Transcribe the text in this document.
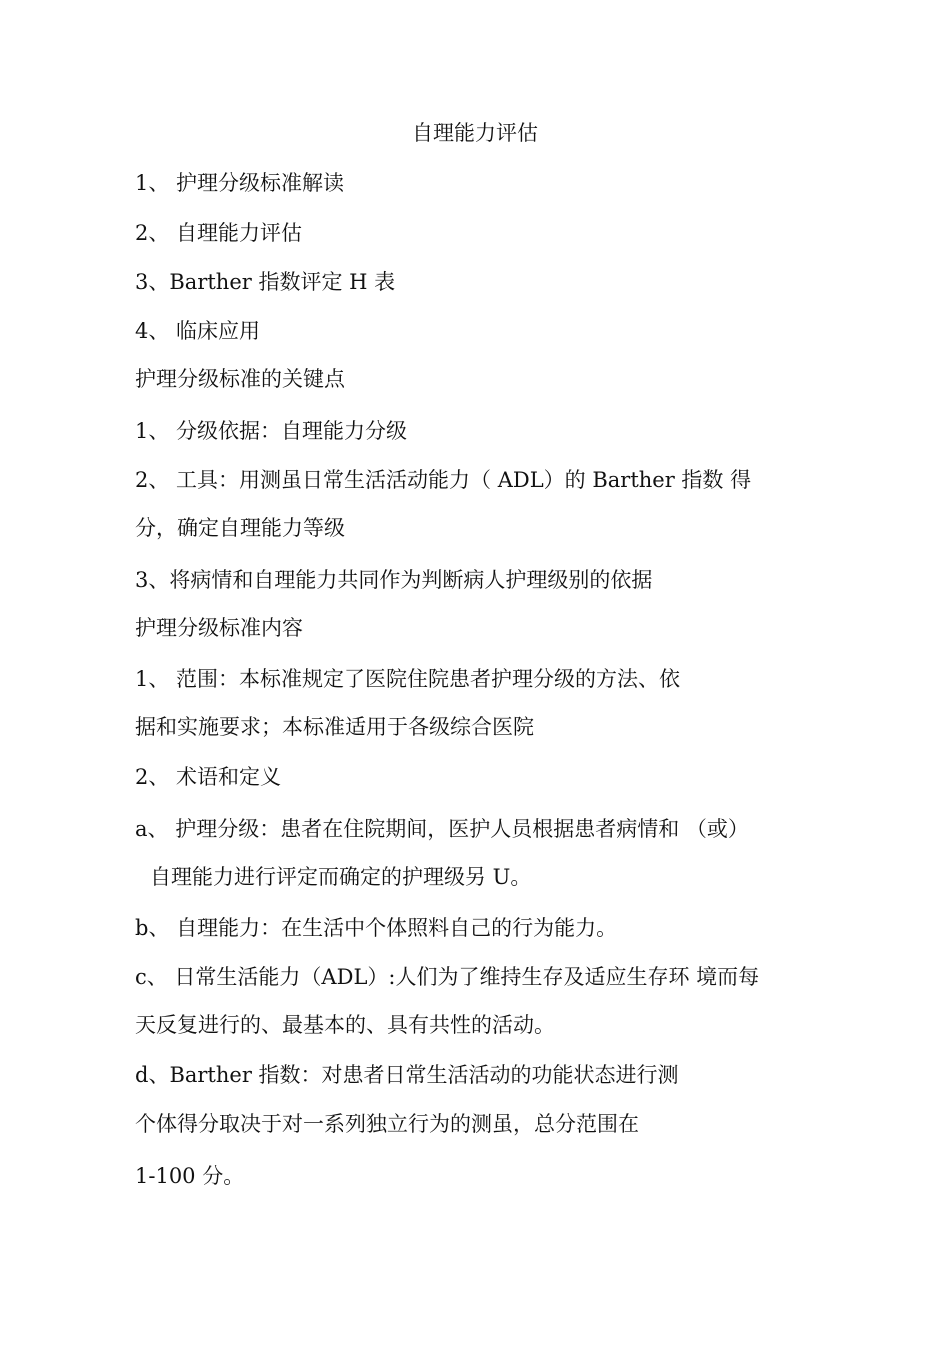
自理能力评估

1、 护理分级标准解读

2、 自理能力评估

3、Barther 指数评定 H 表

4、 临床应用

护理分级标准的关键点

1、 分级依据：自理能力分级

2、 工具：用测虽日常生活活动能力（ ADL）的 Barther 指数 得

分，确定自理能力等级

3、将病情和自理能力共同作为判断病人护理级别的依据

护理分级标准内容

1、 范围：本标准规定了医院住院患者护理分级的方法、依

据和实施要求；本标准适用于各级综合医院

2、 术语和定义

a、 护理分级：患者在住院期间，医护人员根据患者病情和 （或）

自理能力进行评定而确定的护理级另 U。

b、 自理能力：在生活中个体照料自己的行为能力。

c、 日常生活能力（ADL）:人们为了维持生存及适应生存环 境而每

天反复进行的、最基本的、具有共性的活动。

d、Barther 指数：对患者日常生活活动的功能状态进行测

个体得分取决于对一系列独立行为的测虽，总分范围在

1-100 分。
